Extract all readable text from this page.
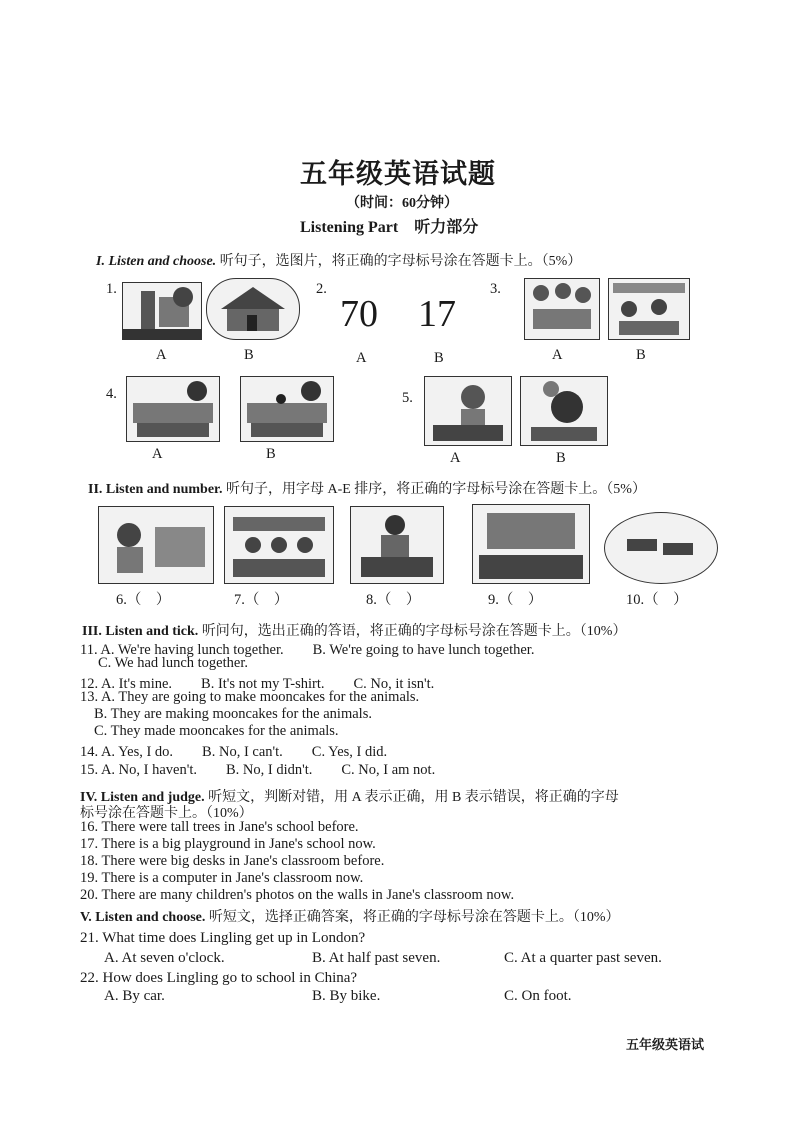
五年级英语试题
（时间：60分钟）
Listening Part　听力部分
I. Listen and choose. 听句子，选图片，将正确的字母标号涂在答题卡上。（5%）
1.
A	B
2.
70 17
A	B
3.
A	B
4.
A	B
5.
A	B
II. Listen and number. 听句子，用字母 A-E 排序，将正确的字母标号涂在答题卡上。（5%）
6.（　）	7.（　）	8.（　）	9.（　）	10.（　）
III. Listen and tick. 听问句，选出正确的答语，将正确的字母标号涂在答题卡上。（10%）
11. A. We're having lunch together.　　B. We're going to have lunch together.
C. We had lunch together.
12. A. It's mine.　　B. It's not my T-shirt.　　C. No, it isn't.
13. A. They are going to make mooncakes for the animals.
B. They are making mooncakes for the animals.
C. They made mooncakes for the animals.
14. A. Yes, I do.　　B. No, I can't.　　C. Yes, I did.
15. A. No, I haven't.　　B. No, I didn't.　　C. No, I am not.
IV. Listen and judge. 听短文，判断对错，用 A 表示正确，用 B 表示错误，将正确的字母
标号涂在答题卡上。（10%）
16. There were tall trees in Jane's school before.
17. There is a big playground in Jane's school now.
18. There were big desks in Jane's classroom before.
19. There is a computer in Jane's classroom now.
20. There are many children's photos on the walls in Jane's classroom now.
V. Listen and choose. 听短文，选择正确答案，将正确的字母标号涂在答题卡上。（10%）
21. What time does Lingling get up in London?
A. At seven o'clock.	B. At half past seven.	C. At a quarter past seven.
22. How does Lingling go to school in China?
A. By car.	B. By bike.	C. On foot.
五年级英语试
